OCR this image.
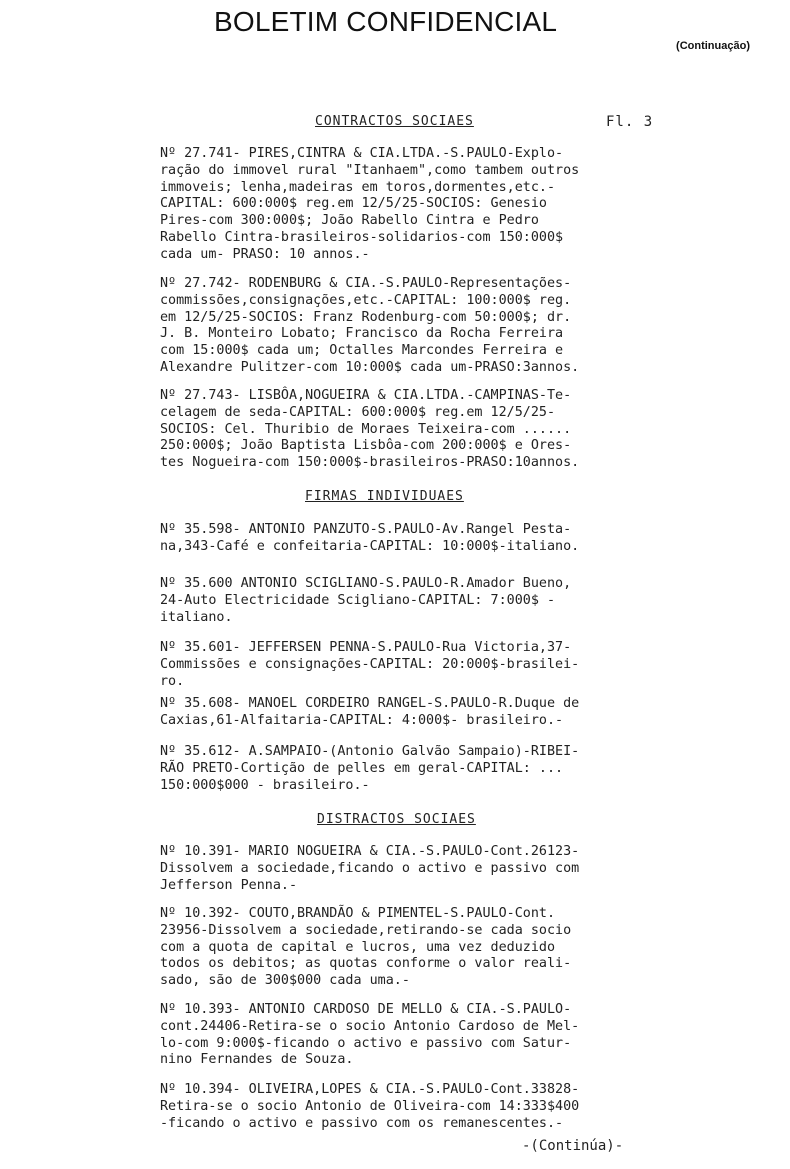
BOLETIM CONFIDENCIAL
(Continuação)
CONTRACTOS SOCIAES	Fl. 3
Nº 27.741- PIRES,CINTRA & CIA.LTDA.-S.PAULO-Explo-
ração do immovel rural "Itanhaem",como tambem outros
immoveis; lenha,madeiras em toros,dormentes,etc.-
CAPITAL: 600:000$ reg.em 12/5/25-SOCIOS: Genesio
Pires-com 300:000$; João Rabello Cintra e Pedro
Rabello Cintra-brasileiros-solidarios-com 150:000$
cada um- PRASO: 10 annos.-
Nº 27.742- RODENBURG & CIA.-S.PAULO-Representações-
commissões,consignações,etc.-CAPITAL: 100:000$ reg.
em 12/5/25-SOCIOS: Franz Rodenburg-com 50:000$; dr.
J. B. Monteiro Lobato; Francisco da Rocha Ferreira
com 15:000$ cada um; Octalles Marcondes Ferreira e
Alexandre Pulitzer-com 10:000$ cada um-PRASO:3annos.
Nº 27.743- LISBÔA,NOGUEIRA & CIA.LTDA.-CAMPINAS-Te-
celagem de seda-CAPITAL: 600:000$ reg.em 12/5/25-
SOCIOS: Cel. Thuribio de Moraes Teixeira-com ......
250:000$; João Baptista Lisbôa-com 200:000$ e Ores-
tes Nogueira-com 150:000$-brasileiros-PRASO:10annos.
FIRMAS INDIVIDUAES
Nº 35.598- ANTONIO PANZUTO-S.PAULO-Av.Rangel Pesta-
na,343-Café e confeitaria-CAPITAL: 10:000$-italiano.
Nº 35.600 ANTONIO SCIGLIANO-S.PAULO-R.Amador Bueno,
24-Auto Electricidade Scigliano-CAPITAL: 7:000$ -
italiano.
Nº 35.601- JEFFERSEN PENNA-S.PAULO-Rua Victoria,37-
Commissões e consignações-CAPITAL: 20:000$-brasilei-
ro.
Nº 35.608- MANOEL CORDEIRO RANGEL-S.PAULO-R.Duque de
Caxias,61-Alfaitaria-CAPITAL: 4:000$- brasileiro.-
Nº 35.612- A.SAMPAIO-(Antonio Galvão Sampaio)-RIBEI-
RÃO PRETO-Cortição de pelles em geral-CAPITAL: ...
150:000$000 - brasileiro.-
DISTRACTOS SOCIAES
Nº 10.391- MARIO NOGUEIRA & CIA.-S.PAULO-Cont.26123-
Dissolvem a sociedade,ficando o activo e passivo com
Jefferson Penna.-
Nº 10.392- COUTO,BRANDÃO & PIMENTEL-S.PAULO-Cont.
23956-Dissolvem a sociedade,retirando-se cada socio
com a quota de capital e lucros, uma vez deduzido
todos os debitos; as quotas conforme o valor reali-
sado, são de 300$000 cada uma.-
Nº 10.393- ANTONIO CARDOSO DE MELLO & CIA.-S.PAULO-
cont.24406-Retira-se o socio Antonio Cardoso de Mel-
lo-com 9:000$-ficando o activo e passivo com Satur-
nino Fernandes de Souza.
Nº 10.394- OLIVEIRA,LOPES & CIA.-S.PAULO-Cont.33828-
Retira-se o socio Antonio de Oliveira-com 14:333$400
-ficando o activo e passivo com os remanescentes.-
-(Continúa)-
